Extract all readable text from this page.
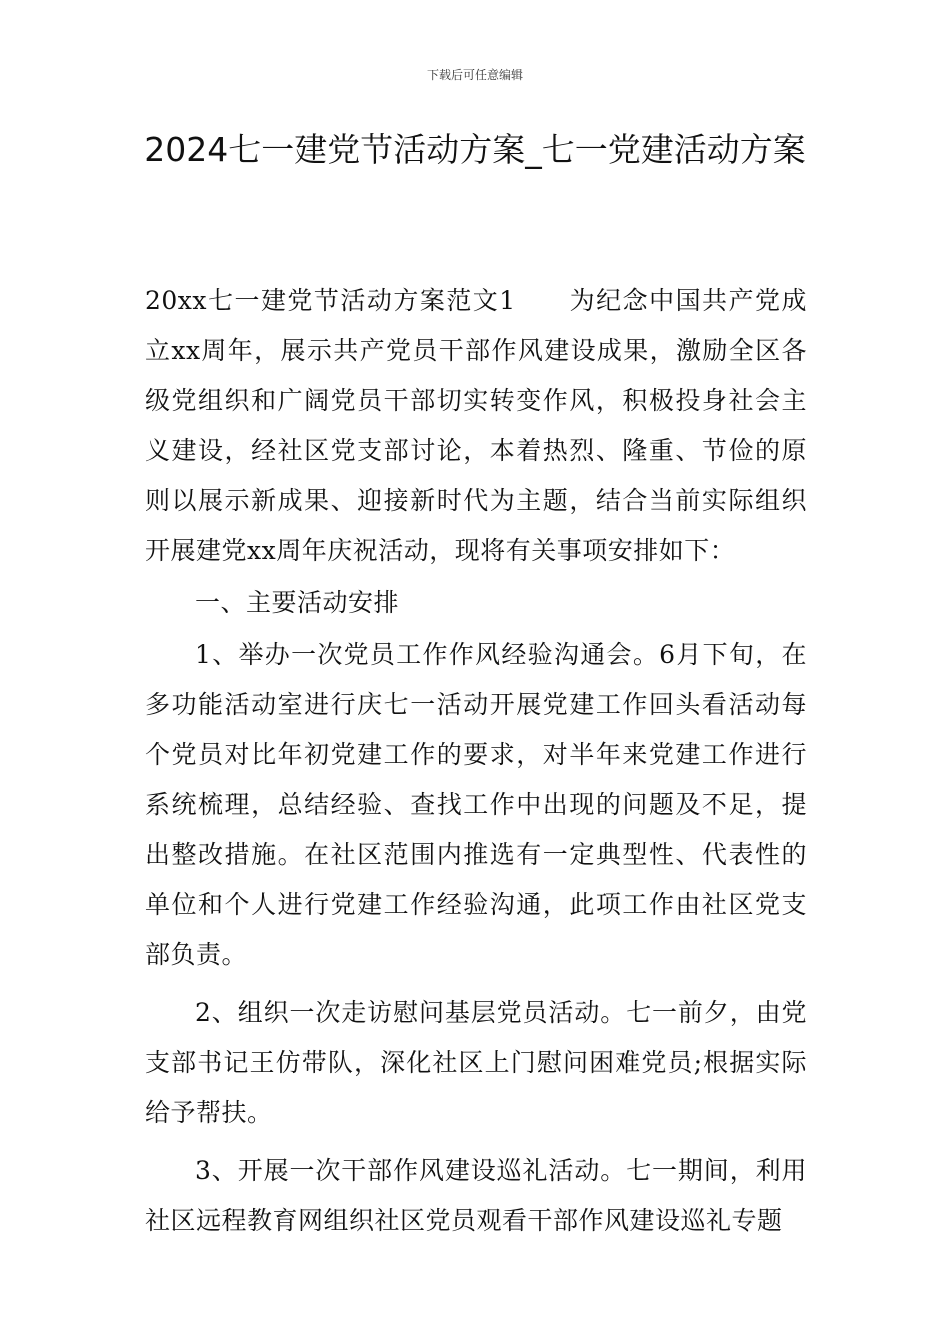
下载后可任意编辑
2024七一建党节活动方案_七一党建活动方案

20xx七一建党节活动方案范文1　　为纪念中国共产党成立xx周年，展示共产党员干部作风建设成果，激励全区各级党组织和广阔党员干部切实转变作风，积极投身社会主义建设，经社区党支部讨论，本着热烈、隆重、节俭的原则以展示新成果、迎接新时代为主题，结合当前实际组织开展建党xx周年庆祝活动，现将有关事项安排如下：

一、主要活动安排

1、举办一次党员工作作风经验沟通会。6月下旬，在多功能活动室进行庆七一活动开展党建工作回头看活动每个党员对比年初党建工作的要求，对半年来党建工作进行系统梳理，总结经验、查找工作中出现的问题及不足，提出整改措施。在社区范围内推选有一定典型性、代表性的单位和个人进行党建工作经验沟通，此项工作由社区党支部负责。

2、组织一次走访慰问基层党员活动。七一前夕，由党支部书记王仿带队，深化社区上门慰问困难党员;根据实际给予帮扶。

3、开展一次干部作风建设巡礼活动。七一期间，利用社区远程教育网组织社区党员观看干部作风建设巡礼专题
